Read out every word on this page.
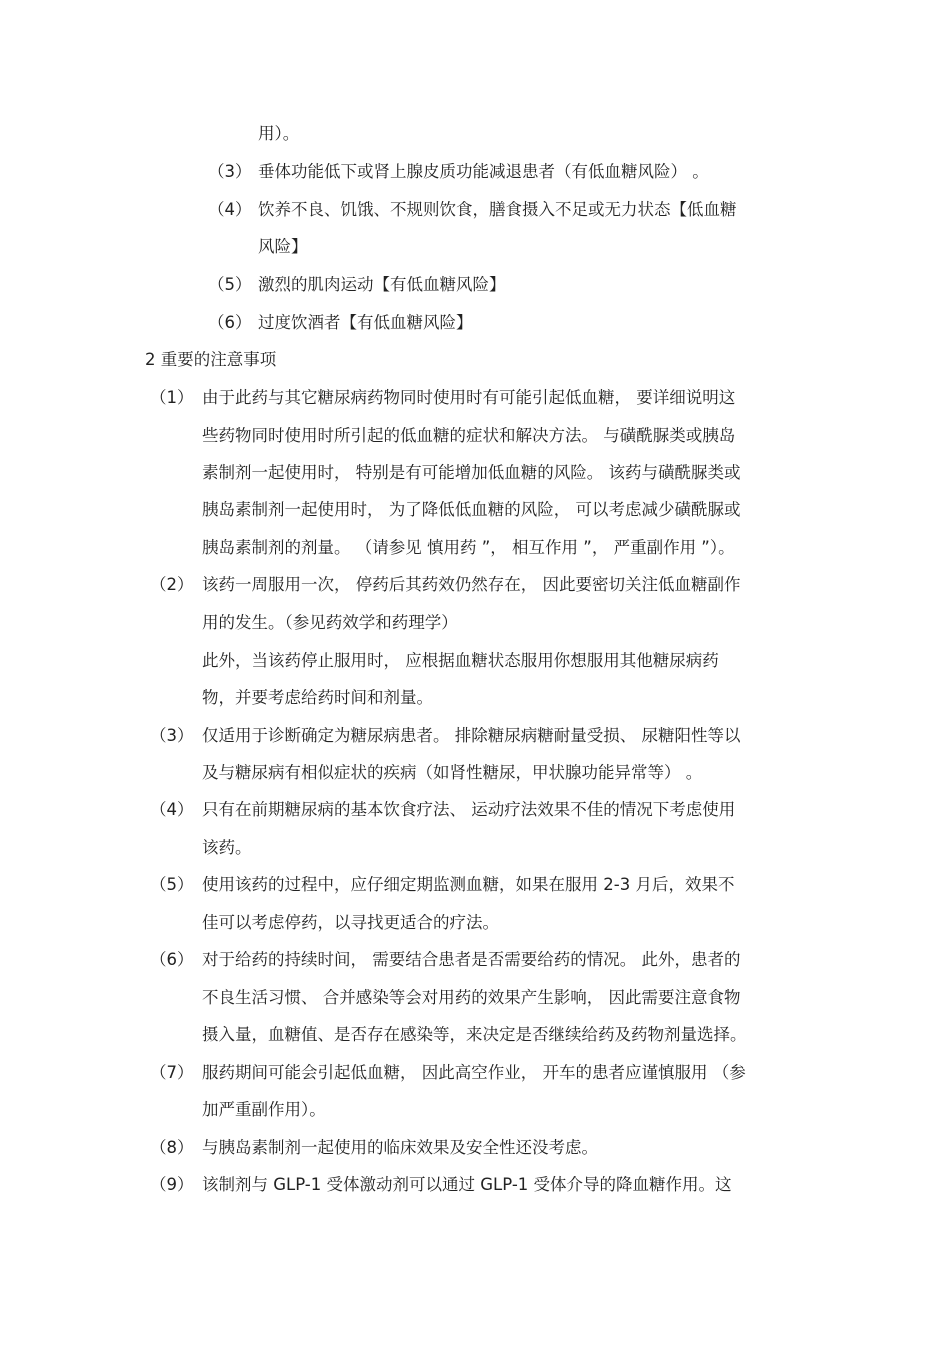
用）。
（3） 垂体功能低下或肾上腺皮质功能减退患者（有低血糖风险） 。
（4） 饮养不良、饥饿、不规则饮食，膳食摄入不足或无力状态【低血糖
风险】
（5） 激烈的肌肉运动【有低血糖风险】
（6） 过度饮酒者【有低血糖风险】
2 重要的注意事项
（1） 由于此药与其它糖尿病药物同时使用时有可能引起低血糖， 要详细说明这
些药物同时使用时所引起的低血糖的症状和解决方法。 与磺酰脲类或胰岛
素制剂一起使用时， 特别是有可能增加低血糖的风险。 该药与磺酰脲类或
胰岛素制剂一起使用时， 为了降低低血糖的风险， 可以考虑减少磺酰脲或
胰岛素制剂的剂量。 （请参见 慎用药 ”， 相互作用 ”， 严重副作用 ”）。
（2） 该药一周服用一次， 停药后其药效仍然存在， 因此要密切关注低血糖副作
用的发生。（参见药效学和药理学）
此外，当该药停止服用时， 应根据血糖状态服用你想服用其他糖尿病药
物，并要考虑给药时间和剂量。
（3） 仅适用于诊断确定为糖尿病患者。 排除糖尿病糖耐量受损、 尿糖阳性等以
及与糖尿病有相似症状的疾病（如肾性糖尿，甲状腺功能异常等） 。
（4） 只有在前期糖尿病的基本饮食疗法、 运动疗法效果不佳的情况下考虑使用
该药。
（5） 使用该药的过程中，应仔细定期监测血糖，如果在服用 2-3 月后，效果不
佳可以考虑停药，以寻找更适合的疗法。
（6） 对于给药的持续时间， 需要结合患者是否需要给药的情况。 此外，患者的
不良生活习惯、 合并感染等会对用药的效果产生影响， 因此需要注意食物
摄入量，血糖值、是否存在感染等，来决定是否继续给药及药物剂量选择。
（7） 服药期间可能会引起低血糖， 因此高空作业， 开车的患者应谨慎服用 （参
加严重副作用）。
（8） 与胰岛素制剂一起使用的临床效果及安全性还没考虑。
（9） 该制剂与 GLP-1 受体激动剂可以通过 GLP-1 受体介导的降血糖作用。这
